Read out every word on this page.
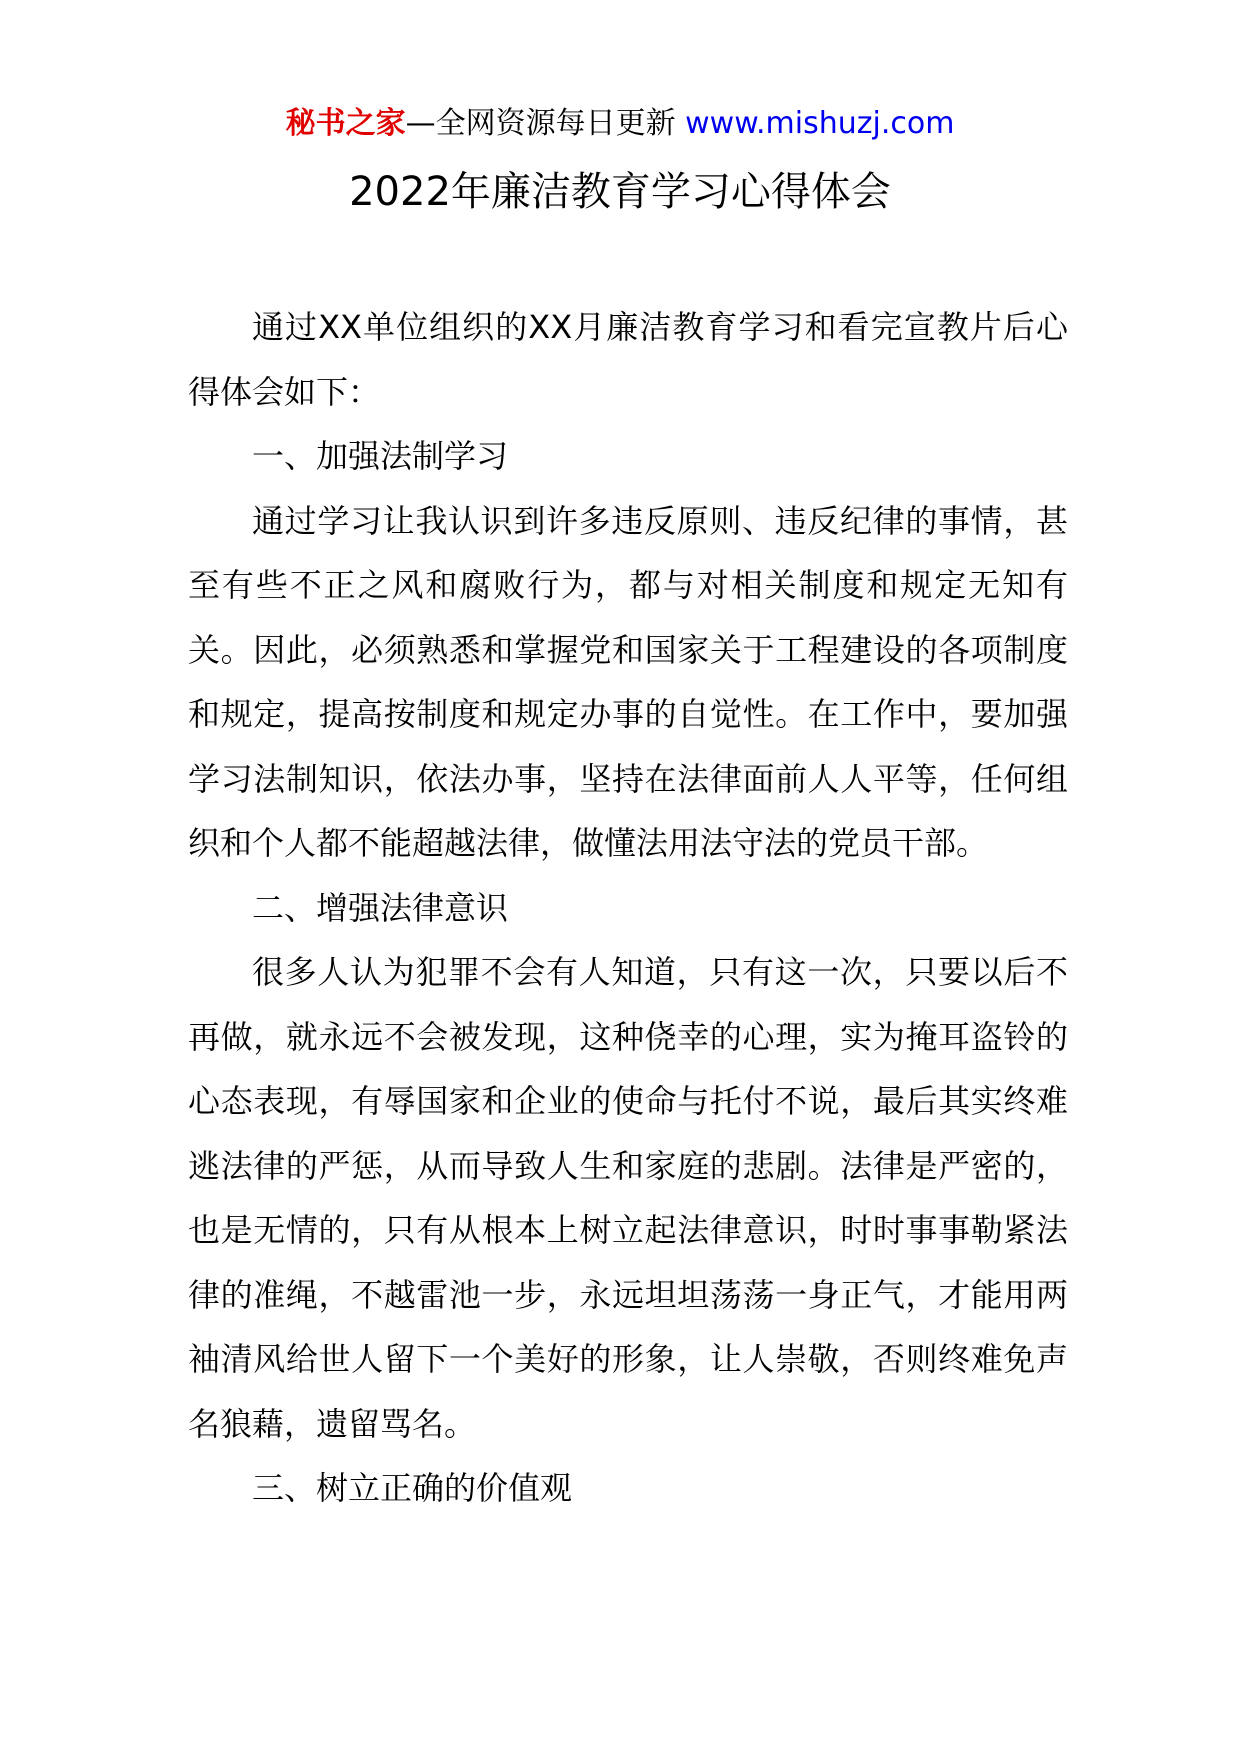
秘书之家—全网资源每日更新 www.mishuzj.com
2022年廉洁教育学习心得体会

通过XX单位组织的XX月廉洁教育学习和看完宣教片后心得体会如下：

一、加强法制学习

通过学习让我认识到许多违反原则、违反纪律的事情，甚至有些不正之风和腐败行为，都与对相关制度和规定无知有关。因此，必须熟悉和掌握党和国家关于工程建设的各项制度和规定，提高按制度和规定办事的自觉性。在工作中，要加强学习法制知识，依法办事，坚持在法律面前人人平等，任何组织和个人都不能超越法律，做懂法用法守法的党员干部。

二、增强法律意识

很多人认为犯罪不会有人知道，只有这一次，只要以后不再做，就永远不会被发现，这种侥幸的心理，实为掩耳盗铃的心态表现，有辱国家和企业的使命与托付不说，最后其实终难逃法律的严惩，从而导致人生和家庭的悲剧。法律是严密的，也是无情的，只有从根本上树立起法律意识，时时事事勒紧法律的准绳，不越雷池一步，永远坦坦荡荡一身正气，才能用两袖清风给世人留下一个美好的形象，让人崇敬，否则终难免声名狼藉，遗留骂名。

三、树立正确的价值观
